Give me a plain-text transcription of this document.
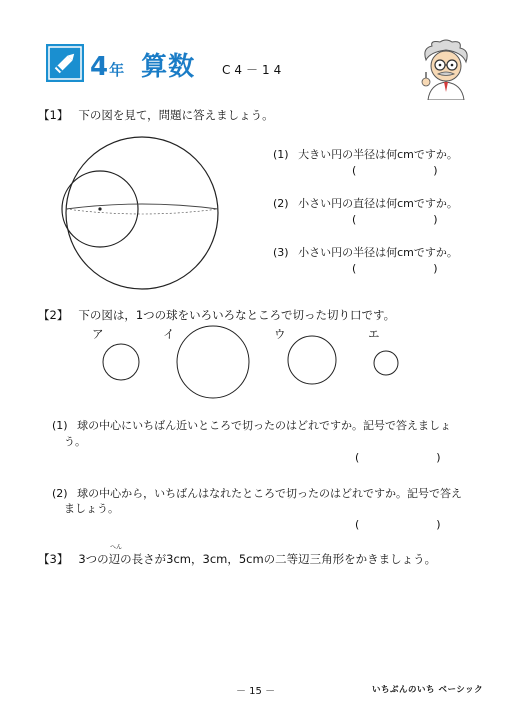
4年 算数 C4－14
【1】 下の図を見て，問題に答えましょう。
(1) 大きい円の半径は何cmですか。
(　　　　　　　)
(2) 小さい円の直径は何cmですか。
(　　　　　　　)
(3) 小さい円の半径は何cmですか。
(　　　　　　　)
【2】 下の図は，1つの球をいろいろなところで切った切り口です。
ア	イ	ウ	エ
(1) 球の中心にいちばん近いところで切ったのはどれですか。記号で答えましょ
う。
(　　　　　　　)
(2) 球の中心から，いちばんはなれたところで切ったのはどれですか。記号で答え
ましょう。
(　　　　　　　)
へん
【3】 3つの辺の長さが3cm，3cm，5cmの二等辺三角形をかきましょう。
－ 15 －	いちぶんのいち ベーシック
